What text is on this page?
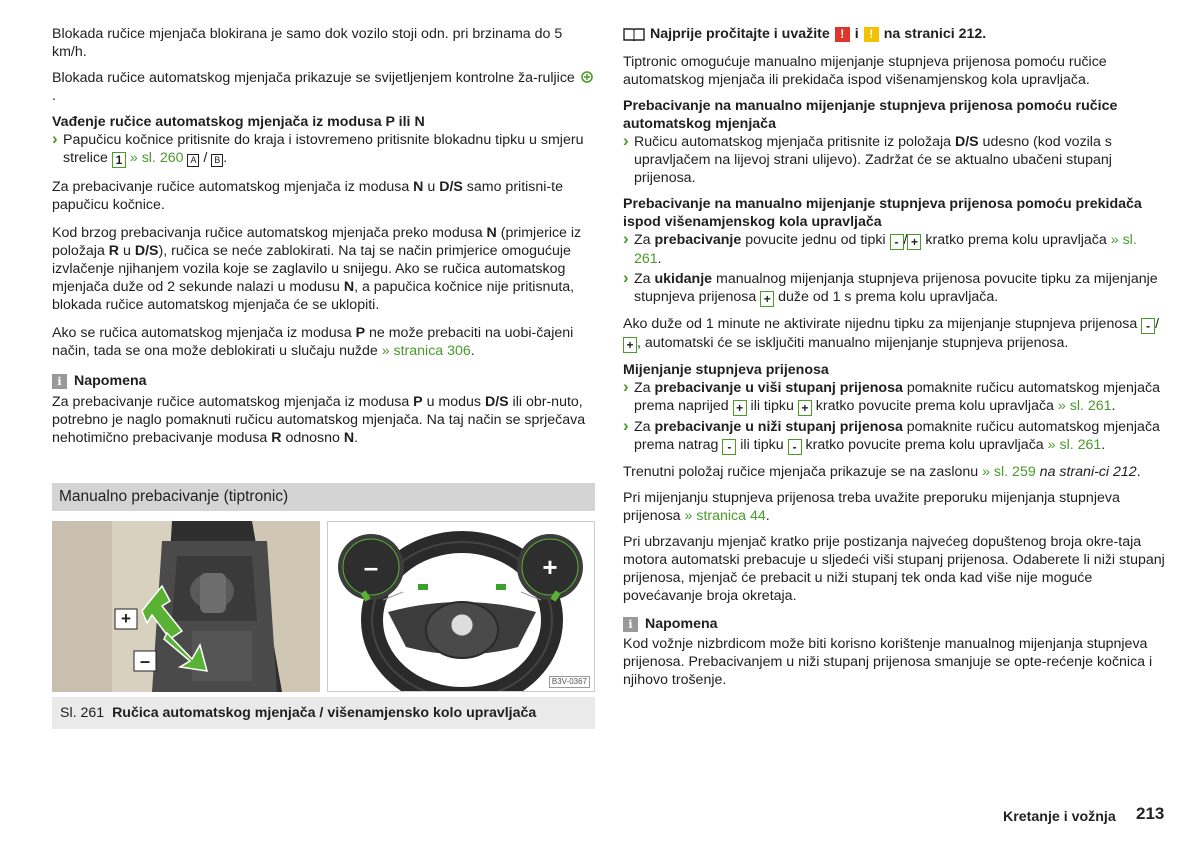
Blokada ručice mjenjača blokirana je samo dok vozilo stoji odn. pri brzinama do 5 km/h.

Blokada ručice automatskog mjenjača prikazuje se svijetljenjem kontrolne ža-ruljice .

Vađenje ručice automatskog mjenjača iz modusa P ili N

› Papučicu kočnice pritisnite do kraja i istovremeno pritisnite blokadnu tipku u smjeru strelice 1 » sl. 260 A / B .

Za prebacivanje ručice automatskog mjenjača iz modusa N u D/S samo pritisni-te papučicu kočnice.

Kod brzog prebacivanja ručice automatskog mjenjača preko modusa N (primjerice iz položaja R u D/S), ručica se neće zablokirati. Na taj se način primjerice omogućuje izvlačenje njihanjem vozila koje se zaglavilo u snijegu. Ako se ručica automatskog mjenjača duže od 2 sekunde nalazi u modusu N, a papučica kočnice nije pritisnuta, blokada ručice automatskog mjenjača će se uklopiti.

Ako se ručica automatskog mjenjača iz modusa P ne može prebaciti na uobi-čajeni način, tada se ona može deblokirati u slučaju nužde » stranica 306.

i Napomena

Za prebacivanje ručice automatskog mjenjača iz modusa P u modus D/S ili obr-nuto, potrebno je naglo pomaknuti ručicu automatskog mjenjača. Na taj način se sprječava nehotimično prebacivanje modusa R odnosno N.

Manualno prebacivanje (tiptronic)
+
–
–	+
B3V-0367
Sl. 261 Ručica automatskog mjenjača / višenamjensko kolo upravljača

Najprije pročitajte i uvažite ! i ! na stranici 212.

Tiptronic omogućuje manualno mijenjanje stupnjeva prijenosa pomoću ručice automatskog mjenjača ili prekidača ispod višenamjenskog kola upravljača.

Prebacivanje na manualno mijenjanje stupnjeva prijenosa pomoću ručice automatskog mjenjača

› Ručicu automatskog mjenjača pritisnite iz položaja D/S udesno (kod vozila s upravljačem na lijevoj strani ulijevo). Zadržat će se aktualno ubačeni stupanj prijenosa.

Prebacivanje na manualno mijenjanje stupnjeva prijenosa pomoću prekidača ispod višenamjenskog kola upravljača

› Za prebacivanje povucite jednu od tipki - / + kratko prema kolu upravljača » sl. 261.

› Za ukidanje manualnog mijenjanja stupnjeva prijenosa povucite tipku za mijenjanje stupnjeva prijenosa + duže od 1 s prema kolu upravljača.

Ako duže od 1 minute ne aktivirate nijednu tipku za mijenjanje stupnjeva prijenosa - /+ , automatski će se isključiti manualno mijenjanje stupnjeva prijenosa.

Mijenjanje stupnjeva prijenosa

› Za prebacivanje u viši stupanj prijenosa pomaknite ručicu automatskog mjenjača prema naprijed + ili tipku + kratko povucite prema kolu upravljača » sl. 261.

› Za prebacivanje u niži stupanj prijenosa pomaknite ručicu automatskog mjenjača prema natrag - ili tipku - kratko povucite prema kolu upravljača » sl. 261.

Trenutni položaj ručice mjenjača prikazuje se na zaslonu » sl. 259 na strani-ci 212.

Pri mijenjanju stupnjeva prijenosa treba uvažite preporuku mijenjanja stupnjeva prijenosa » stranica 44.

Pri ubrzavanju mjenjač kratko prije postizanja najvećeg dopuštenog broja okre-taja motora automatski prebacuje u sljedeći viši stupanj prijenosa. Odaberete li niži stupanj prijenosa, mjenjač će prebacit u niži stupanj tek onda kad više nije moguće povećavanje broja okretaja.

i Napomena

Kod vožnje nizbrdicom može biti korisno korištenje manualnog mijenjanja stupnjeva prijenosa. Prebacivanjem u niži stupanj prijenosa smanjuje se opte-rećenje kočnica i njihovo trošenje.

Kretanje i vožnja 213
